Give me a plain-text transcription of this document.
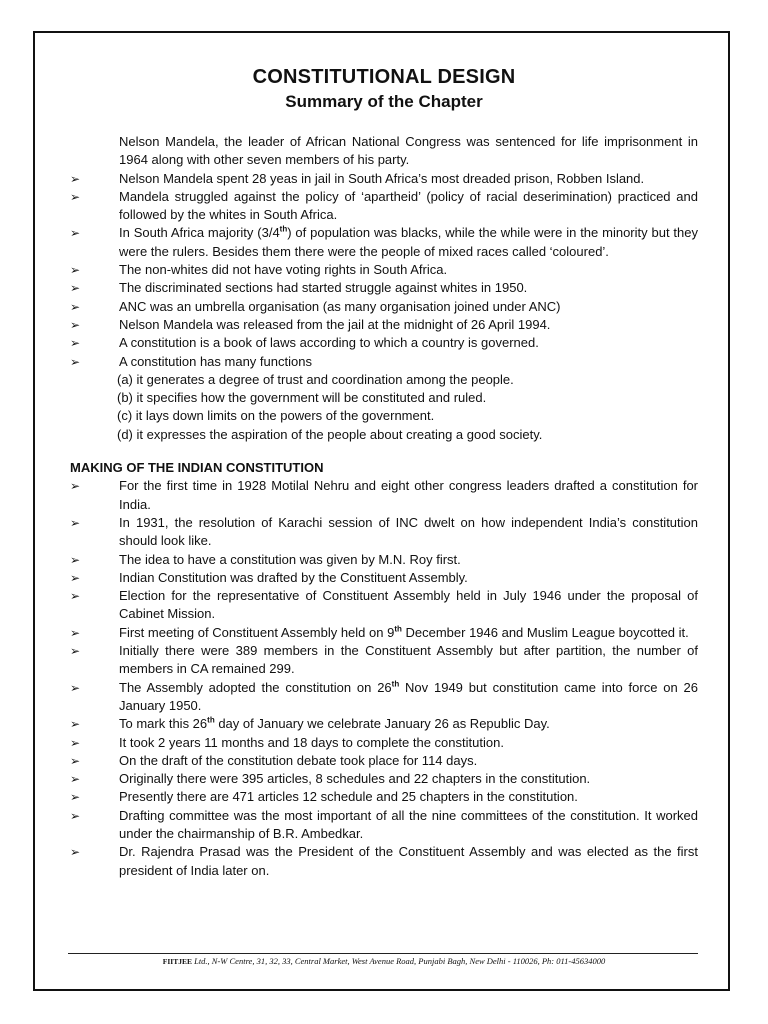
CONSTITUTIONAL DESIGN
Summary of the Chapter
Nelson Mandela, the leader of African National Congress was sentenced for life imprisonment in 1964 along with other seven members of his party.
➢	Nelson Mandela spent 28 yeas in jail in South Africa’s most dreaded prison, Robben Island.
➢	Mandela struggled against the policy of ‘apartheid’ (policy of racial deserimination) practiced and followed by the whites in South Africa.
➢	In South Africa majority (3/4th) of population was blacks, while the while were in the minority but they were the rulers. Besides them there were the people of mixed races called ‘coloured’.
➢	The non-whites did not have voting rights in South Africa.
➢	The discriminated sections had started struggle against whites in 1950.
➢	ANC was an umbrella organisation (as many organisation joined under ANC)
➢	Nelson Mandela was released from the jail at the midnight of 26 April 1994.
➢	A constitution is a book of laws according to which a country is governed.
➢	A constitution has many functions
(a) it generates a degree of trust and coordination among the people.
(b) it specifies how the government will be constituted and ruled.
(c) it lays down limits on the powers of the government.
(d) it expresses the aspiration of the people about creating a good society.
MAKING OF THE INDIAN CONSTITUTION
➢	For the first time in 1928 Motilal Nehru and eight other congress leaders drafted a constitution for India.
➢	In 1931, the resolution of Karachi session of INC dwelt on how independent India’s constitution should look like.
➢	The idea to have a constitution was given by M.N. Roy first.
➢	Indian Constitution was drafted by the Constituent Assembly.
➢	Election for the representative of Constituent Assembly held in July 1946 under the proposal of Cabinet Mission.
➢	First meeting of Constituent Assembly held on 9th December 1946 and Muslim League boycotted it.
➢	Initially there were 389 members in the Constituent Assembly but after partition, the number of members in CA remained 299.
➢	The Assembly adopted the constitution on 26th Nov 1949 but constitution came into force on 26 January 1950.
➢	To mark this 26th day of January we celebrate January 26 as Republic Day.
➢	It took 2 years 11 months and 18 days to complete the constitution.
➢	On the draft of the constitution debate took place for 114 days.
➢	Originally there were 395 articles, 8 schedules and 22 chapters in the constitution.
➢	Presently there are 471 articles 12 schedule and 25 chapters in the constitution.
➢	Drafting committee was the most important of all the nine committees of the constitution. It worked under the chairmanship of B.R. Ambedkar.
➢	Dr. Rajendra Prasad was the President of the Constituent Assembly and was elected as the first president of India later on.
FIITJEE Ltd., N-W Centre, 31, 32, 33, Central Market, West Avenue Road, Punjabi Bagh, New Delhi - 110026, Ph: 011-45634000
